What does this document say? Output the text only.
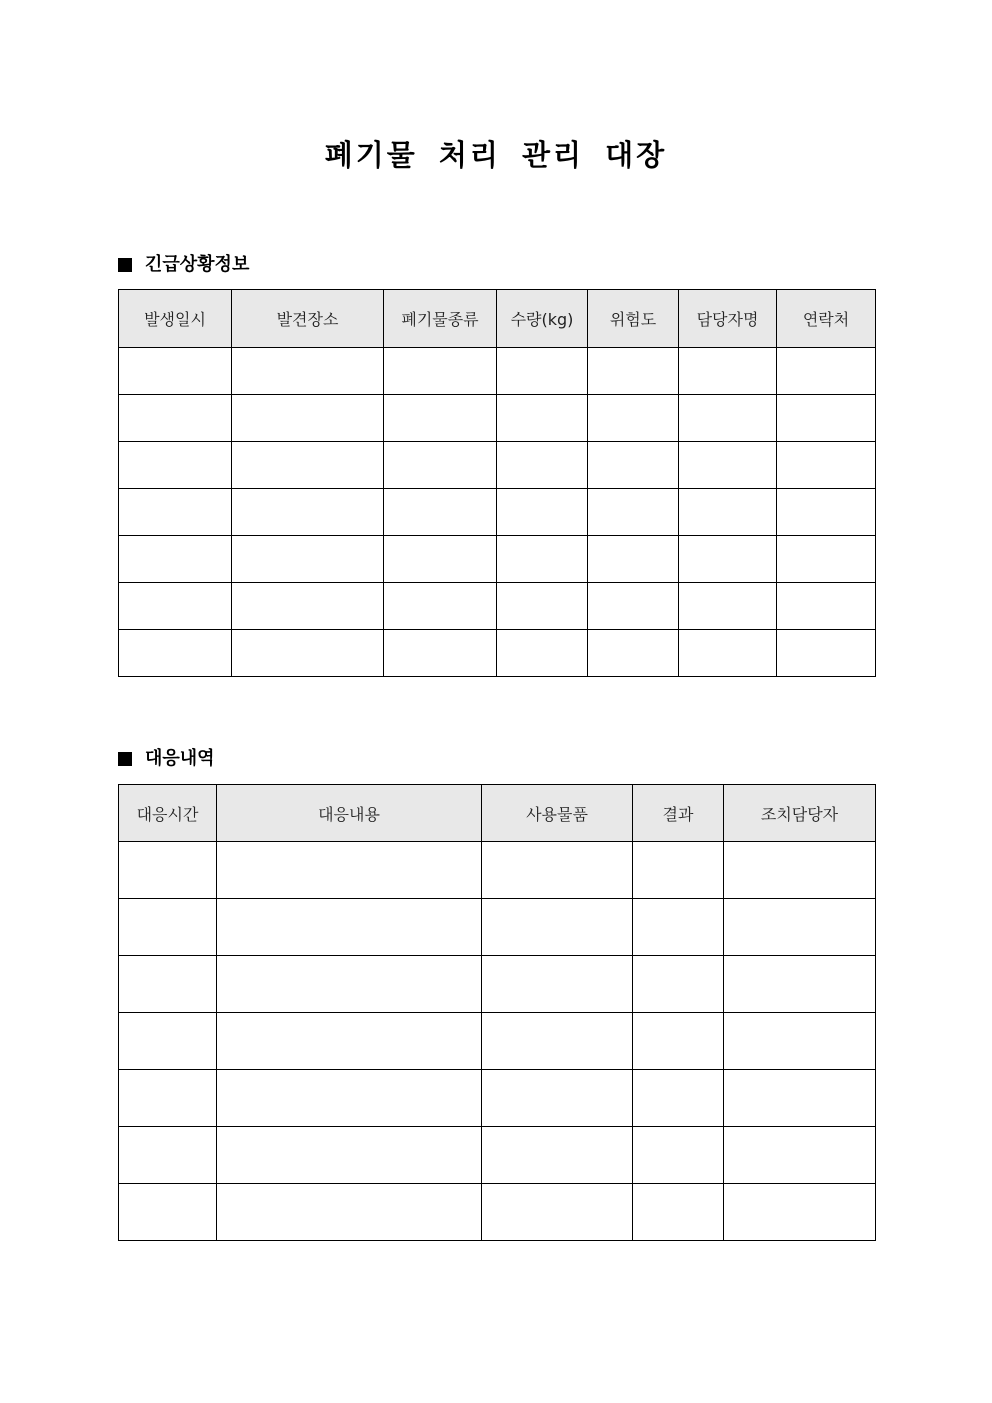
폐기물 처리 관리 대장
긴급상황정보
발생일시	발견장소	폐기물종류	수량(kg)	위험도	담당자명	연락처

대응내역
대응시간	대응내용	사용물품	결과	조치담당자
